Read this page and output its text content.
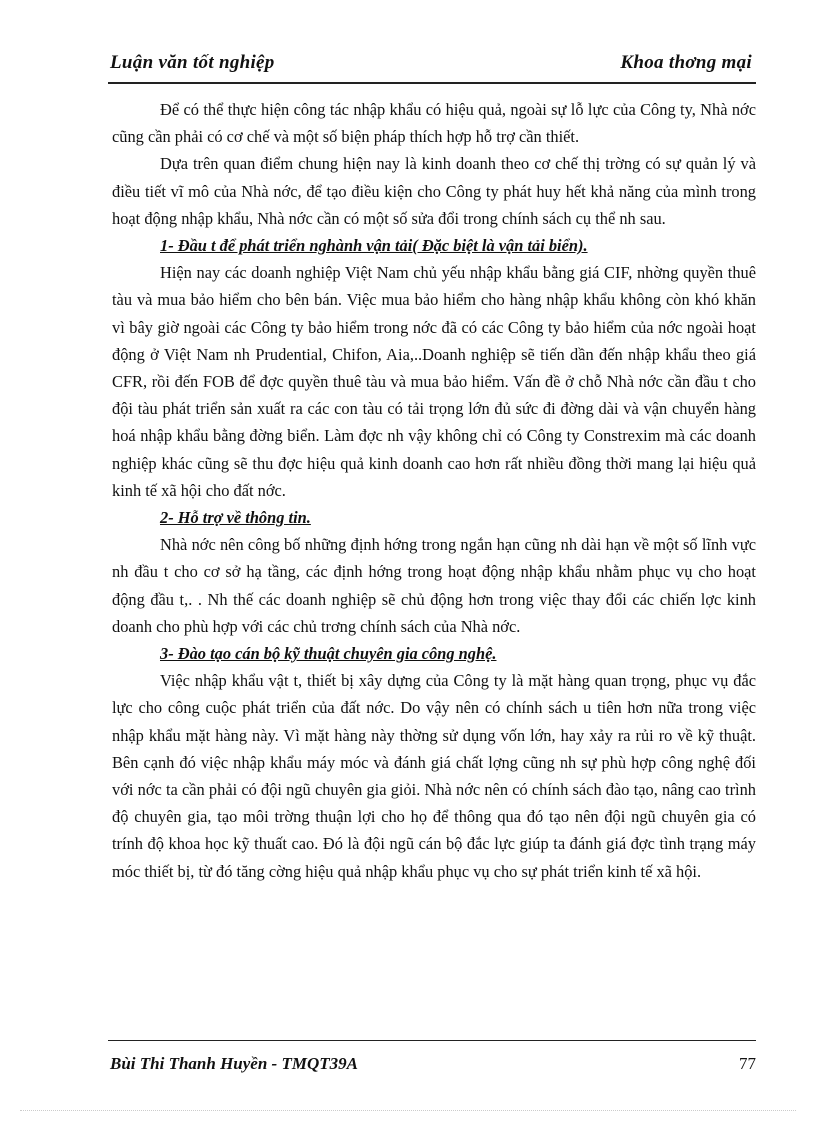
Luận văn tốt nghiệp	Khoa thơng mại

Để có thể thực hiện công tác nhập khẩu có hiệu quả, ngoài sự lỗ lực của Công ty, Nhà nớc cũng cần phải có cơ chế và một số biện pháp thích hợp hỗ trợ cần thiết.

Dựa trên quan điểm chung hiện nay là kinh doanh theo cơ chế thị trờng có sự quản lý và điều tiết vĩ mô của Nhà nớc, để tạo điều kiện cho Công ty phát huy hết khả năng của mình trong hoạt động nhập khẩu, Nhà nớc cần có một số sửa đổi trong chính sách cụ thể nh sau.

1- Đầu t để phát triển nghành vận tải( Đặc biệt là vận tải biển).

Hiện nay các doanh nghiệp Việt Nam chủ yếu nhập khẩu bằng giá CIF, nhờng quyền thuê tàu và mua bảo hiểm cho bên bán. Việc mua bảo hiểm cho hàng nhập khẩu không còn khó khăn vì bây giờ ngoài các Công ty bảo hiểm trong nớc đã có các Công ty bảo hiểm của nớc ngoài hoạt động ở Việt Nam nh Prudential, Chifon, Aia,..Doanh nghiệp sẽ tiến dần đến nhập khẩu theo giá CFR, rồi đến FOB để đợc quyền thuê tàu và mua bảo hiểm. Vấn đề ở chỗ Nhà nớc cần đầu t cho đội tàu phát triển sản xuất ra các con tàu có tải trọng lớn đủ sức đi đờng dài và vận chuyển hàng hoá nhập khẩu bằng đờng biển. Làm đợc nh vậy không chỉ có Công ty Constrexim mà các doanh nghiệp khác cũng sẽ thu đợc hiệu quả kinh doanh cao hơn rất nhiều đồng thời mang lại hiệu quả kinh tế xã hội cho đất nớc.

2- Hỗ trợ về thông tin.

Nhà nớc nên công bố những định hớng trong ngắn hạn cũng nh dài hạn về một số lĩnh vực nh đầu t cho cơ sở hạ tầng, các định hớng trong hoạt động nhập khẩu nhằm phục vụ cho hoạt động đầu t,. . Nh thế các doanh nghiệp sẽ chủ động hơn trong việc thay đổi các chiến lợc kinh doanh cho phù hợp với các chủ trơng chính sách của Nhà nớc.

3- Đào tạo cán bộ kỹ thuật chuyên gia công nghệ.

Việc nhập khẩu vật t, thiết bị xây dựng của Công ty là mặt hàng quan trọng, phục vụ đắc lực cho công cuộc phát triển của đất nớc. Do vậy nên có chính sách u tiên hơn nữa trong việc nhập khẩu mặt hàng này. Vì mặt hàng này thờng sử dụng vốn lớn, hay xảy ra rủi ro về kỹ thuật. Bên cạnh đó việc nhập khẩu máy móc và đánh giá chất lợng cũng nh sự phù hợp công nghệ đối với nớc ta cần phải có đội ngũ chuyên gia giỏi. Nhà nớc nên có chính sách đào tạo, nâng cao trình độ chuyên gia, tạo môi trờng thuận lợi cho họ để thông qua đó tạo nên đội ngũ chuyên gia có trính độ khoa học kỹ thuất cao. Đó là đội ngũ cán bộ đắc lực giúp ta đánh giá đợc tình trạng máy móc thiết bị, từ đó tăng cờng hiệu quả nhập khẩu phục vụ cho sự phát triển kinh tế xã hội.

Bùi Thi Thanh Huyền - TMQT39A	77
